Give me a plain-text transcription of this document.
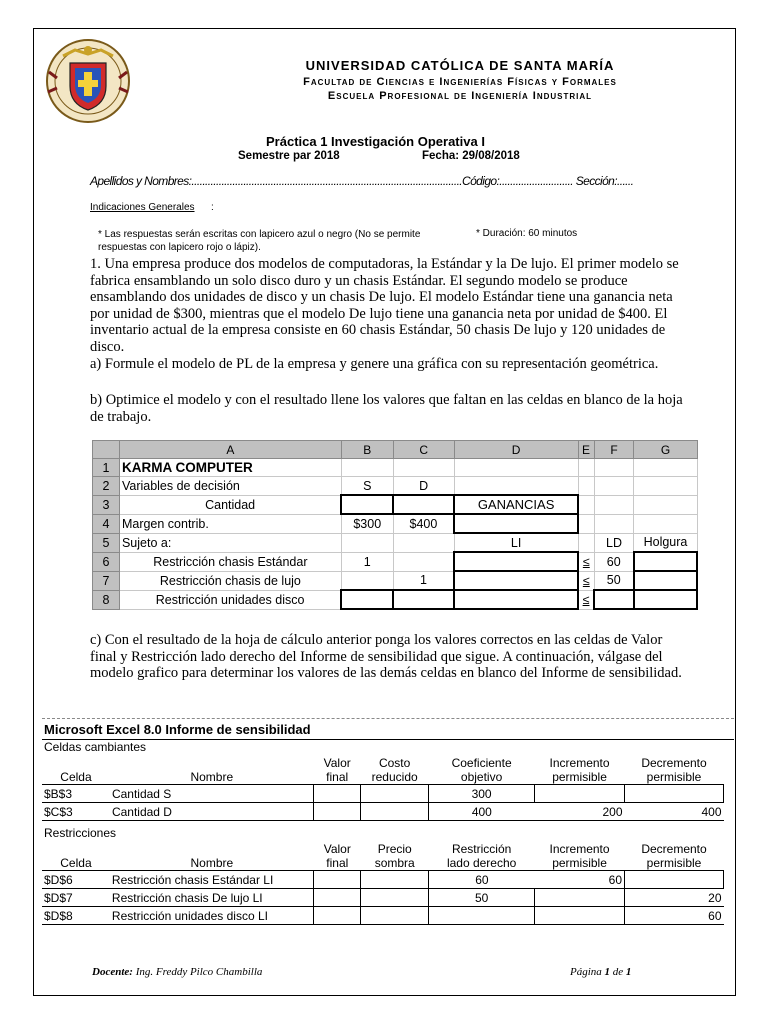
UNIVERSIDAD CATÓLICA DE SANTA MARÍA
Facultad de Ciencias e Ingenierías Físicas y Formales
Escuela Profesional de Ingeniería Industrial
Práctica 1 Investigación Operativa I
Semestre par 2018	Fecha: 29/08/2018
Apellidos y Nombres:...................................................................................................Código:........................... Sección:......
Indicaciones Generales :
* Las respuestas serán escritas con lapicero azul o negro (No se permite respuestas con lapicero rojo o lápiz).
* Duración: 60 minutos

1. Una empresa produce dos modelos de computadoras, la Estándar y la De lujo. El primer modelo se fabrica ensamblando un solo disco duro y un chasis Estándar. El segundo modelo se produce ensamblando dos unidades de disco y un chasis De lujo. El modelo Estándar tiene una ganancia neta por unidad de $300, mientras que el modelo De lujo tiene una ganancia neta por unidad de $400. El inventario actual de la empresa consiste en 60 chasis Estándar, 50 chasis De lujo y 120 unidades de disco.

a) Formule el modelo de PL de la empresa y genere una gráfica con su representación geométrica.

b) Optimice el modelo y con el resultado llene los valores que faltan en las celdas en blanco de la hoja de trabajo.

	A	B	C	D	E	F	G
1	KARMA COMPUTER						
2	Variables de decisión	S	D				
3	Cantidad			GANANCIAS			
4	Margen contrib.	$300	$400				
5	Sujeto a:			LI		LD	Holgura
6	Restricción chasis Estándar	1			≤	60	
7	Restricción chasis de lujo		1		≤	50	
8	Restricción unidades disco				≤		

c) Con el resultado de la hoja de cálculo anterior ponga los valores correctos en las celdas de Valor final y Restricción lado derecho del Informe de sensibilidad que sigue. A continuación, válgase del modelo grafico para determinar los valores de las demás celdas en blanco del Informe de sensibilidad.

Microsoft Excel 8.0 Informe de sensibilidad
Celdas cambiantes
Celda	Nombre	Valor
final	Costo
reducido	Coeficiente
objetivo	Incremento
permisible	Decremento
permisible
$B$3	Cantidad S			300		
$C$3	Cantidad D			400	200	400
Restricciones
Celda	Nombre	Valor
final	Precio
sombra	Restricción
lado derecho	Incremento
permisible	Decremento
permisible
$D$6	Restricción chasis Estándar LI			60	60	
$D$7	Restricción chasis De lujo LI			50		20
$D$8	Restricción unidades disco LI					60
Docente: Ing. Freddy Pilco Chambilla	Página 1 de 1
